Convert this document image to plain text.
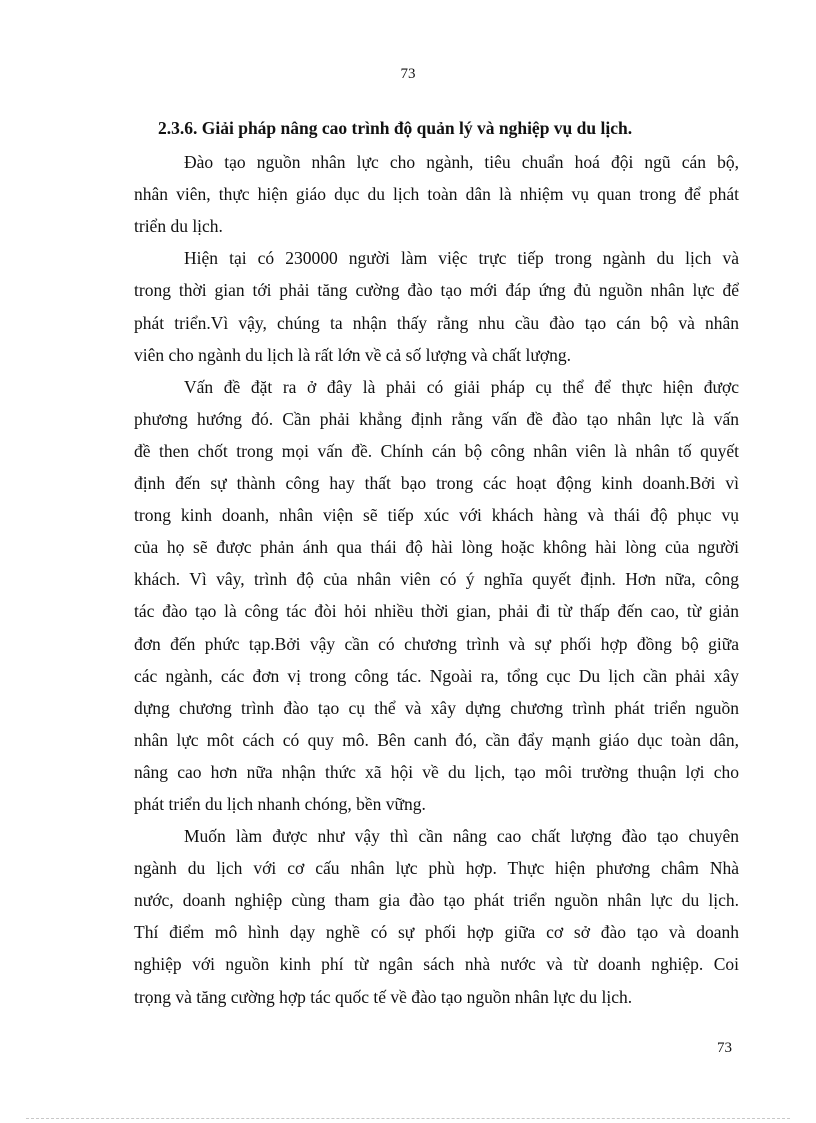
73
2.3.6. Giải pháp nâng cao trình độ quản lý và nghiệp vụ du lịch.

Đào tạo nguồn nhân lực cho ngành, tiêu chuẩn hoá đội ngũ cán bộ,
nhân viên, thực hiện giáo dục du lịch toàn dân là nhiệm vụ quan trong để phát
triển du lịch.

Hiện tại có 230000 người làm việc trực tiếp trong ngành du lịch và
trong thời gian tới phải tăng cường đào tạo mới đáp ứng đủ nguồn nhân lực để
phát triển.Vì vậy, chúng ta nhận thấy rằng nhu cầu đào tạo cán bộ và nhân
viên cho ngành du lịch là rất lớn về cả số lượng và chất lượng.

Vấn đề đặt ra ở đây là phải có giải pháp cụ thể để thực hiện được
phương hướng đó. Cần phải khẳng định rằng vấn đề đào tạo nhân lực là vấn
đề then chốt trong mọi vấn đề. Chính cán bộ công nhân viên là nhân tố quyết
định đến sự thành công hay thất bạo trong các hoạt động kinh doanh.Bởi vì
trong kinh doanh, nhân viện sẽ tiếp xúc với khách hàng và thái độ phục vụ
của họ sẽ được phản ánh qua thái độ hài lòng hoặc không hài lòng của người
khách. Vì vây, trình độ của nhân viên có ý nghĩa quyết định. Hơn nữa, công
tác đào tạo là công tác đòi hỏi nhiều thời gian, phải đi từ thấp đến cao, từ giản
đơn đến phức tạp.Bởi vậy cần có chương trình và sự phối hợp đồng bộ giữa
các ngành, các đơn vị trong công tác. Ngoài ra, tổng cục Du lịch cần phải xây
dựng chương trình đào tạo cụ thể và xây dựng chương trình phát triển nguồn
nhân lực môt cách có quy mô. Bên canh đó, cần đẩy mạnh giáo dục toàn dân,
nâng cao hơn nữa nhận thức xã hội về du lịch, tạo môi trường thuận lợi cho
phát triển du lịch nhanh chóng, bền vững.

Muốn làm được như vậy thì cần nâng cao chất lượng đào tạo chuyên
ngành du lịch với cơ cấu nhân lực phù hợp. Thực hiện phương châm Nhà
nước, doanh nghiệp cùng tham gia đào tạo phát triển nguồn nhân lực du lịch.
Thí điểm mô hình dạy nghề có sự phối hợp giữa cơ sở đào tạo và doanh
nghiệp với nguồn kinh phí từ ngân sách nhà nước và từ doanh nghiệp. Coi
trọng và tăng cường hợp tác quốc tế về đào tạo nguồn nhân lực du lịch.

73
